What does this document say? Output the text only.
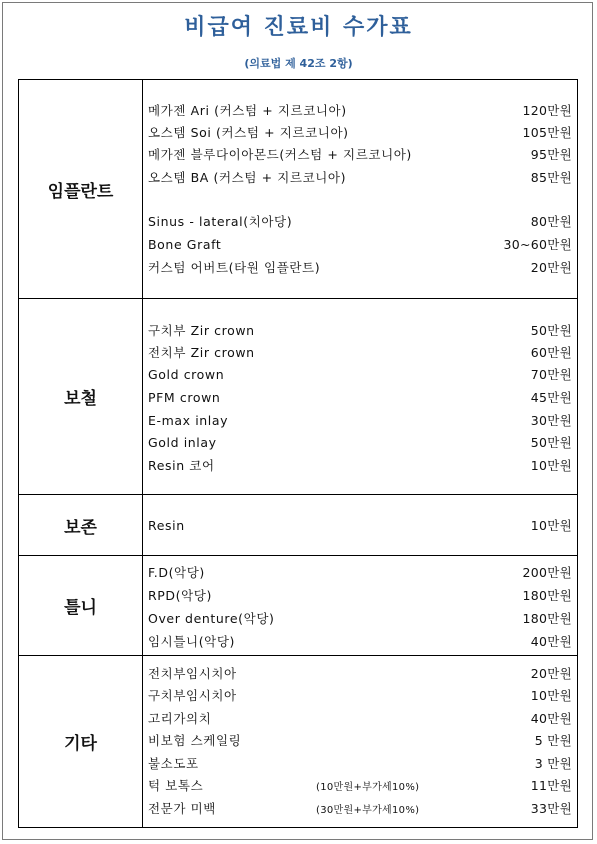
비급여 진료비 수가표
(의료법 제 42조 2항)
임플란트
메가젠 Ari (커스텀 + 지르코니아)	120만원
오스템 Soi (커스텀 + 지르코니아)	105만원
메가젠 블루다이아몬드(커스텀 + 지르코니아)	95만원
오스템 BA (커스텀 + 지르코니아)	85만원
Sinus - lateral(치아당)	80만원
Bone Graft	30~60만원
커스텀 어버트(타원 임플란트)	20만원
보철
구치부 Zir crown	50만원
전치부 Zir crown	60만원
Gold crown	70만원
PFM crown	45만원
E-max inlay	30만원
Gold inlay	50만원
Resin 코어	10만원
보존	Resin	10만원
틀니
F.D(악당)	200만원
RPD(악당)	180만원
Over denture(악당)	180만원
임시틀니(악당)	40만원
기타
전치부임시치아	20만원
구치부임시치아	10만원
고리가의치	40만원
비보험 스케일링	5 만원
불소도포	3 만원
턱 보톡스	(10만원+부가세10%)	11만원
전문가 미백	(30만원+부가세10%)	33만원
